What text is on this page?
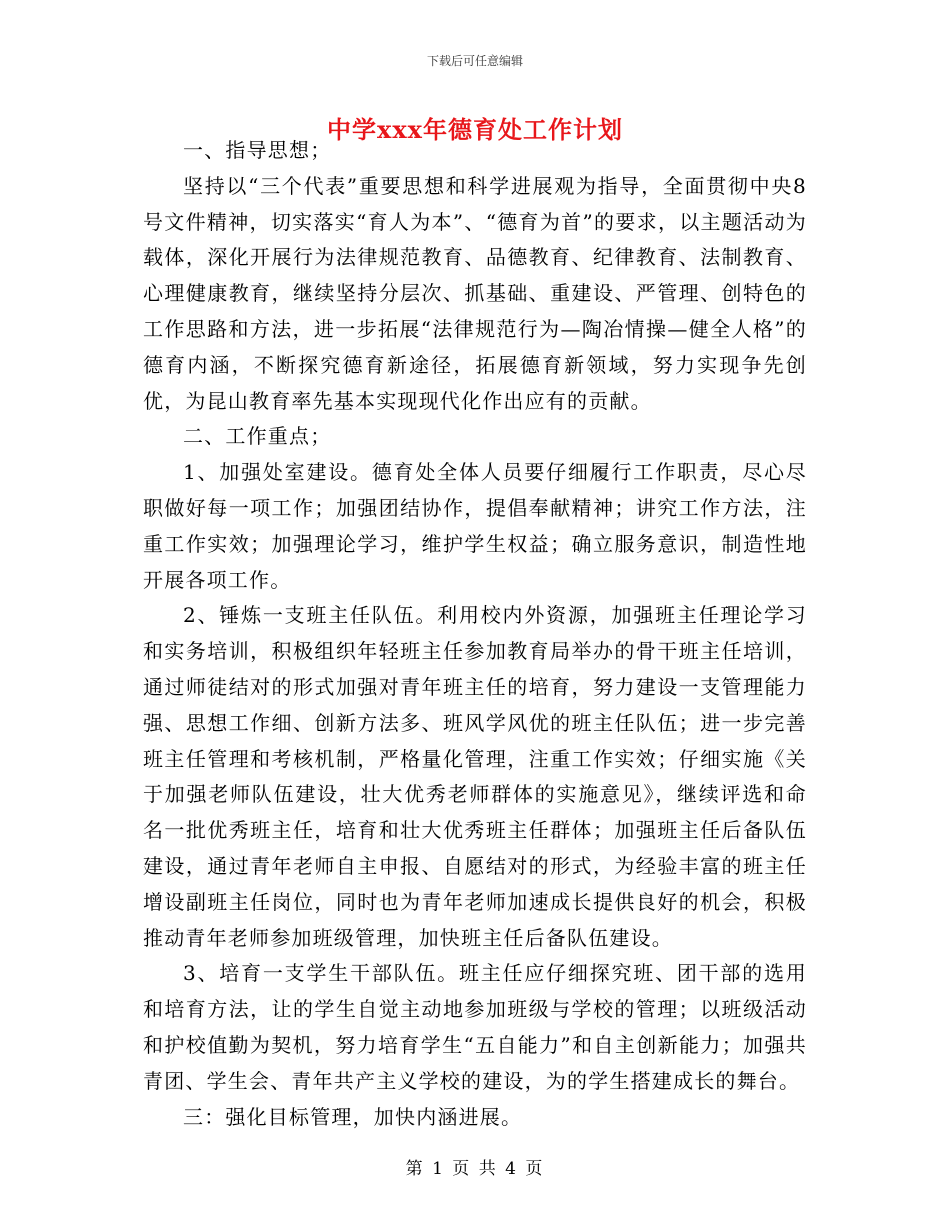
下载后可任意编辑
中学xxx年德育处工作计划

一、指导思想；

坚持以“三个代表”重要思想和科学进展观为指导，全面贯彻中央8号文件精神，切实落实“育人为本”、“德育为首”的要求，以主题活动为载体，深化开展行为法律规范教育、品德教育、纪律教育、法制教育、心理健康教育，继续坚持分层次、抓基础、重建设、严管理、创特色的工作思路和方法，进一步拓展“法律规范行为—陶冶情操—健全人格”的德育内涵，不断探究德育新途径，拓展德育新领域，努力实现争先创优，为昆山教育率先基本实现现代化作出应有的贡献。

二、工作重点；

1、加强处室建设。德育处全体人员要仔细履行工作职责，尽心尽职做好每一项工作；加强团结协作，提倡奉献精神；讲究工作方法，注重工作实效；加强理论学习，维护学生权益；确立服务意识，制造性地开展各项工作。

2、锤炼一支班主任队伍。利用校内外资源，加强班主任理论学习和实务培训，积极组织年轻班主任参加教育局举办的骨干班主任培训，通过师徒结对的形式加强对青年班主任的培育，努力建设一支管理能力强、思想工作细、创新方法多、班风学风优的班主任队伍；进一步完善班主任管理和考核机制，严格量化管理，注重工作实效；仔细实施《关于加强老师队伍建设，壮大优秀老师群体的实施意见》，继续评选和命名一批优秀班主任，培育和壮大优秀班主任群体；加强班主任后备队伍建设，通过青年老师自主申报、自愿结对的形式，为经验丰富的班主任增设副班主任岗位，同时也为青年老师加速成长提供良好的机会，积极推动青年老师参加班级管理，加快班主任后备队伍建设。

3、培育一支学生干部队伍。班主任应仔细探究班、团干部的选用和培育方法，让的学生自觉主动地参加班级与学校的管理；以班级活动和护校值勤为契机，努力培育学生“五自能力”和自主创新能力；加强共青团、学生会、青年共产主义学校的建设，为的学生搭建成长的舞台。

三：强化目标管理，加快内涵进展。

第 1 页 共 4 页
